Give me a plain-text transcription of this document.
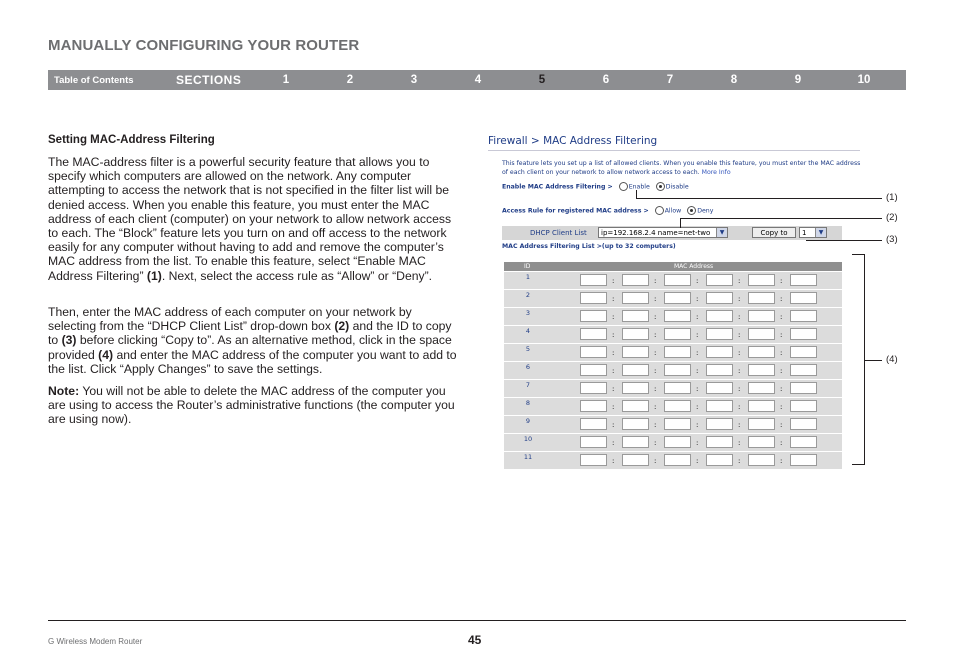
MANUALLY CONFIGURING YOUR ROUTER
Table of Contents	SECTIONS	1	2	3	4	5	6	7	8	9	10
Setting MAC-Address Filtering
The MAC-address filter is a powerful security feature that allows you to specify which computers are allowed on the network. Any computer attempting to access the network that is not specified in the filter list will be denied access. When you enable this feature, you must enter the MAC address of each client (computer) on your network to allow network access to each. The “Block” feature lets you turn on and off access to the network easily for any computer without having to add and remove the computer’s MAC address from the list. To enable this feature, select “Enable MAC Address Filtering” (1). Next, select the access rule as “Allow” or “Deny”.
Then, enter the MAC address of each computer on your network by selecting from the “DHCP Client List” drop-down box (2) and the ID to copy to (3) before clicking “Copy to”. As an alternative method, click in the space provided (4) and enter the MAC address of the computer you want to add to the list. Click “Apply Changes” to save the settings.
Note: You will not be able to delete the MAC address of the computer you are using to access the Router’s administrative functions (the computer you are using now).
Firewall > MAC Address Filtering
This feature lets you set up a list of allowed clients. When you enable this feature, you must enter the MAC address of each client on your network to allow network access to each. More Info
Enable MAC Address Filtering >	Enable	Disable
Access Rule for registered MAC address >	Allow	Deny
DHCP Client List	ip=192.168.2.4 name=net-two	▼	Copy to	1	▼
MAC Address Filtering List >(up to 32 computers)
ID	MAC Address
1	:	:	:	:	:
2	:	:	:	:	:
3	:	:	:	:	:
4	:	:	:	:	:
5	:	:	:	:	:
6	:	:	:	:	:
7	:	:	:	:	:
8	:	:	:	:	:
9	:	:	:	:	:
10	:	:	:	:	:
11	:	:	:	:	:
(1)
(2)
(3)
(4)
G Wireless Modem Router	45
